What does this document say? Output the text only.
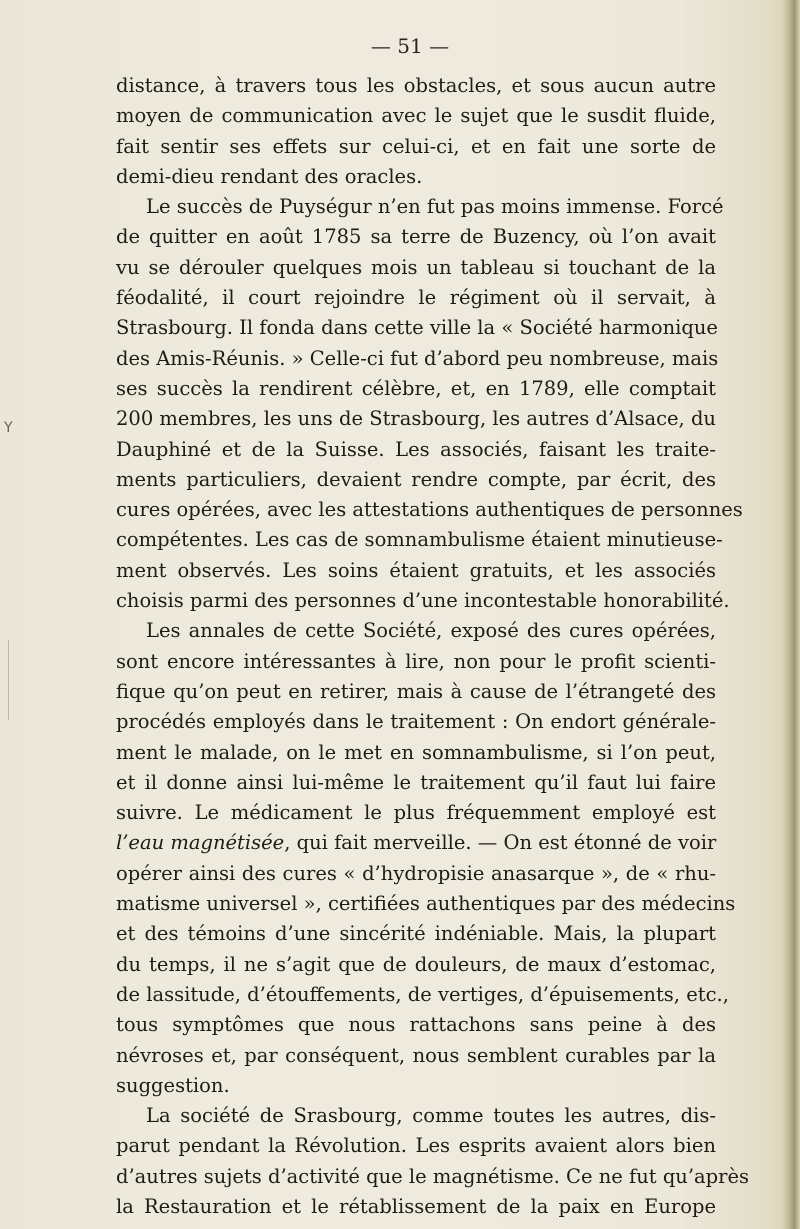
Y
— 51 —
distance, à travers tous les obstacles, et sous aucun autre
moyen de communication avec le sujet que le susdit fluide,
fait sentir ses effets sur celui-ci, et en fait une sorte de
demi-dieu rendant des oracles.
Le succès de Puységur n’en fut pas moins immense. Forcé
de quitter en août 1785 sa terre de Buzency, où l’on avait
vu se dérouler quelques mois un tableau si touchant de la
féodalité, il court rejoindre le régiment où il servait, à
Strasbourg. Il fonda dans cette ville la « Société harmonique
des Amis-Réunis. » Celle-ci fut d’abord peu nombreuse, mais
ses succès la rendirent célèbre, et, en 1789, elle comptait
200 membres, les uns de Strasbourg, les autres d’Alsace, du
Dauphiné et de la Suisse. Les associés, faisant les traite-
ments particuliers, devaient rendre compte, par écrit, des
cures opérées, avec les attestations authentiques de personnes
compétentes. Les cas de somnambulisme étaient minutieuse-
ment observés. Les soins étaient gratuits, et les associés
choisis parmi des personnes d’une incontestable honorabilité.
Les annales de cette Société, exposé des cures opérées,
sont encore intéressantes à lire, non pour le profit scienti-
fique qu’on peut en retirer, mais à cause de l’étrangeté des
procédés employés dans le traitement : On endort générale-
ment le malade, on le met en somnambulisme, si l’on peut,
et il donne ainsi lui-même le traitement qu’il faut lui faire
suivre. Le médicament le plus fréquemment employé est
l’eau magnétisée, qui fait merveille. — On est étonné de voir
opérer ainsi des cures « d’hydropisie anasarque », de « rhu-
matisme universel », certifiées authentiques par des médecins
et des témoins d’une sincérité indéniable. Mais, la plupart
du temps, il ne s’agit que de douleurs, de maux d’estomac,
de lassitude, d’étouffements, de vertiges, d’épuisements, etc.,
tous symptômes que nous rattachons sans peine à des
névroses et, par conséquent, nous semblent curables par la
suggestion.
La société de Srasbourg, comme toutes les autres, dis-
parut pendant la Révolution. Les esprits avaient alors bien
d’autres sujets d’activité que le magnétisme. Ce ne fut qu’après
la Restauration et le rétablissement de la paix en Europe
